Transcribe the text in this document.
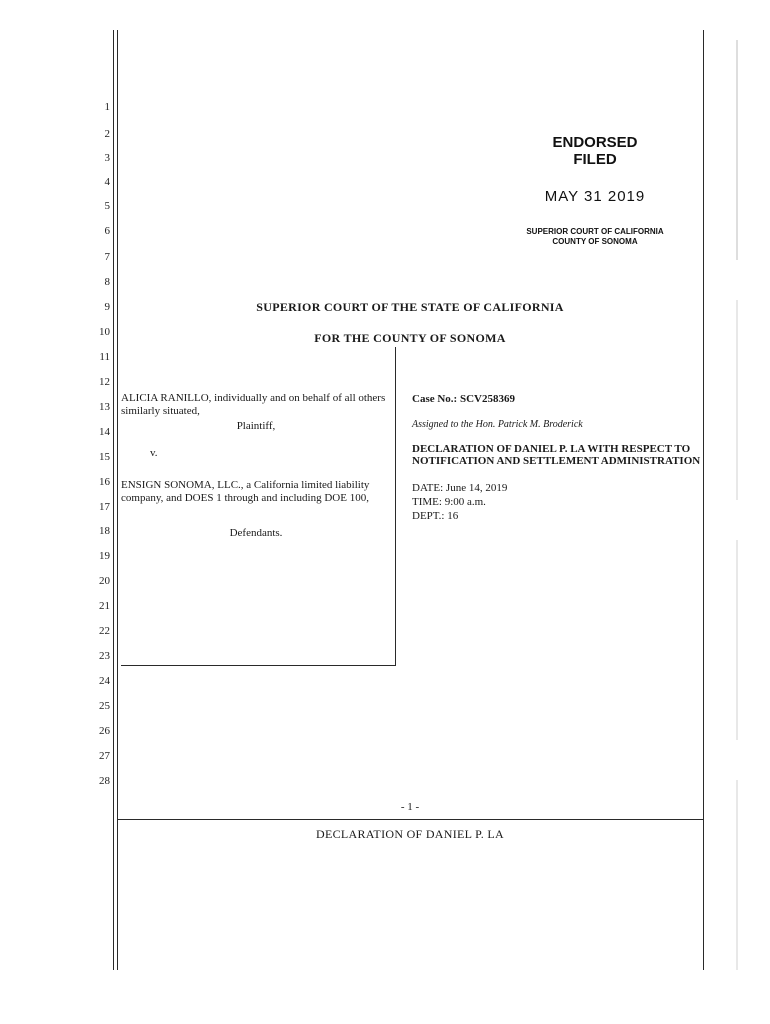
1
2
3
4
5
6
7
8
9
10
11
12
13
14
15
16
17
18
19
20
21
22
23
24
25
26
27
28
ENDORSED
FILED
MAY 31 2019
SUPERIOR COURT OF CALIFORNIA
COUNTY OF SONOMA
SUPERIOR COURT OF THE STATE OF CALIFORNIA
FOR THE COUNTY OF SONOMA
ALICIA RANILLO, individually and on behalf of all others similarly situated,
Plaintiff,
v.
ENSIGN SONOMA, LLC., a California limited liability company, and DOES 1 through and including DOE 100,
Defendants.
Case No.: SCV258369
Assigned to the Hon. Patrick M. Broderick
DECLARATION OF DANIEL P. LA WITH RESPECT TO NOTIFICATION AND SETTLEMENT ADMINISTRATION
DATE: June 14, 2019
TIME: 9:00 a.m.
DEPT.: 16
- 1 -
DECLARATION OF DANIEL P. LA
